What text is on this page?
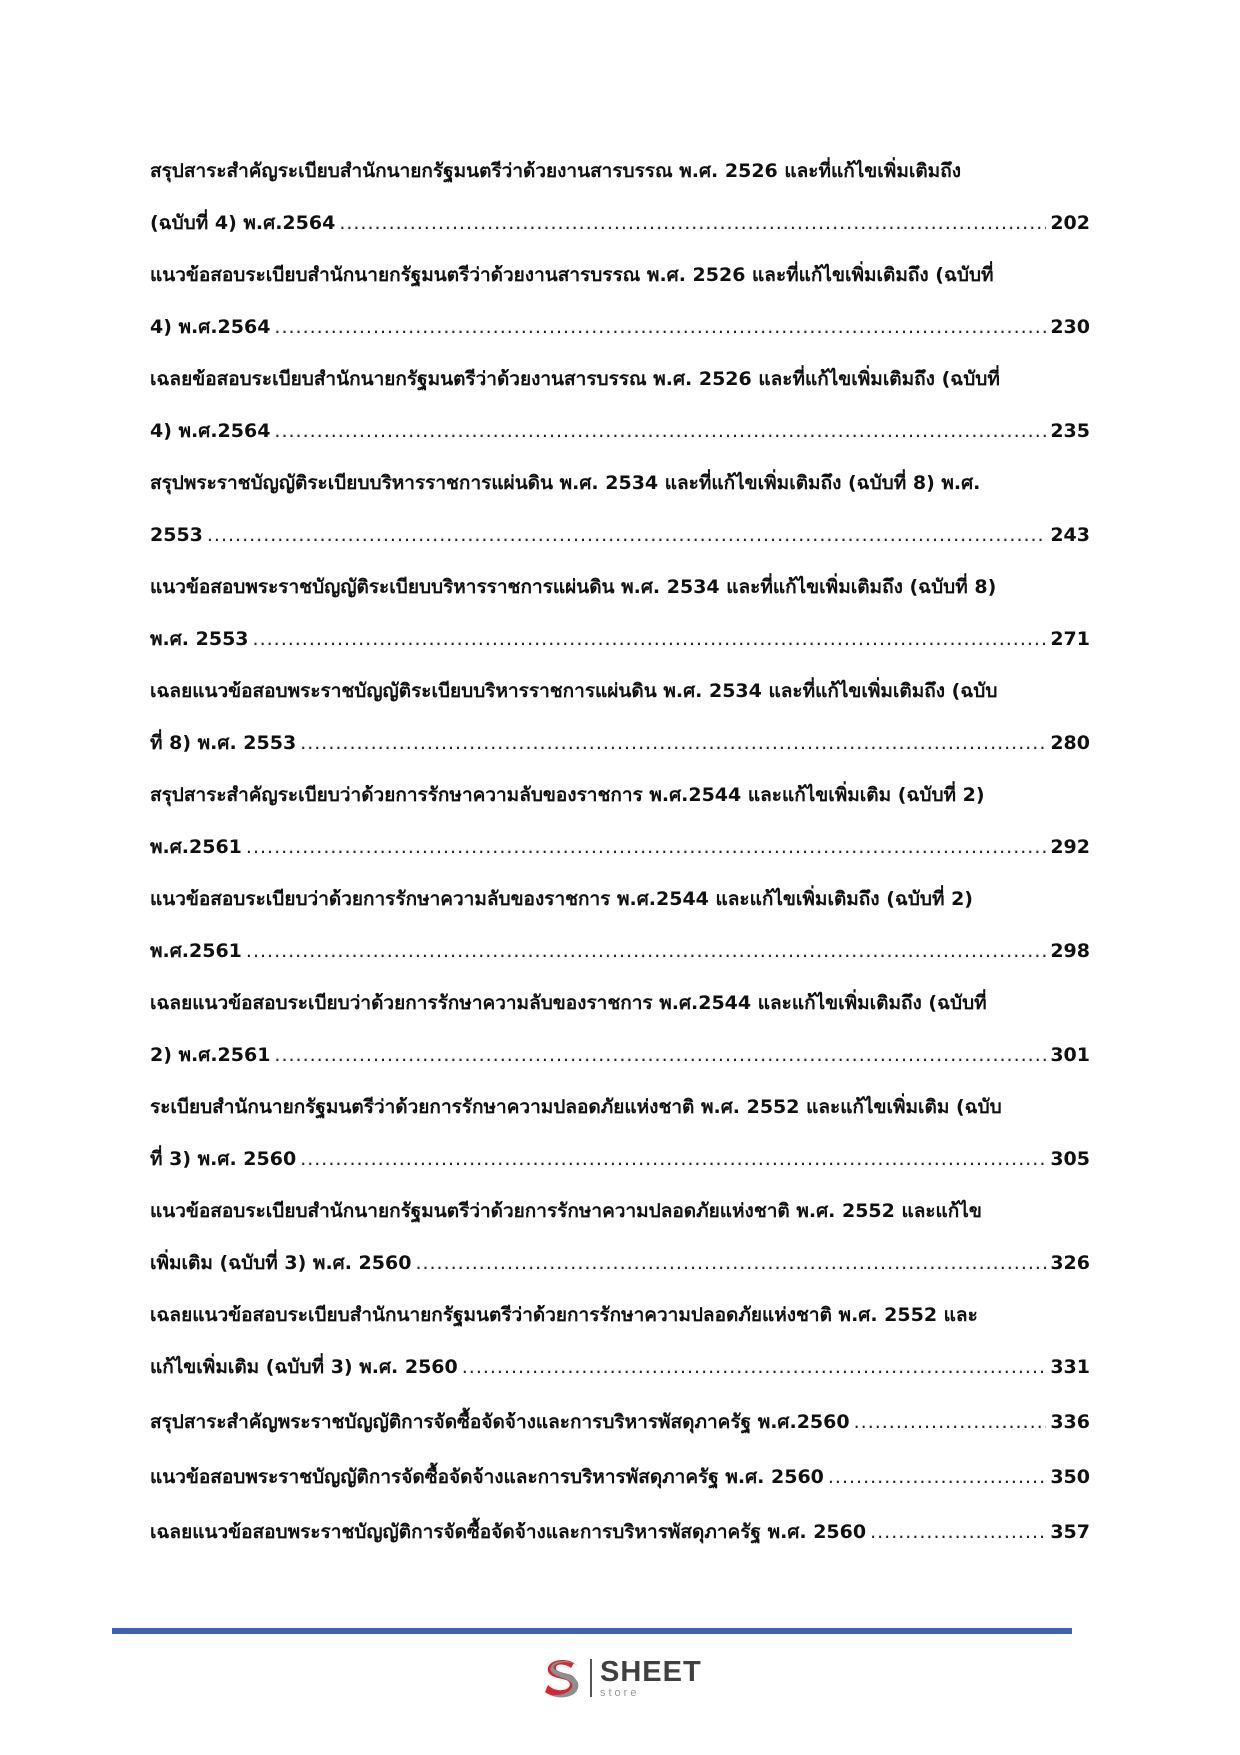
สรุปสาระสำคัญระเบียบสำนักนายกรัฐมนตรีว่าด้วยงานสารบรรณ พ.ศ. 2526 และที่แก้ไขเพิ่มเติมถึง
(ฉบับที่ 4) พ.ศ.2564 .....	202
แนวข้อสอบระเบียบสำนักนายกรัฐมนตรีว่าด้วยงานสารบรรณ พ.ศ. 2526 และที่แก้ไขเพิ่มเติมถึง (ฉบับที่
4) พ.ศ.2564 .....	230
เฉลยข้อสอบระเบียบสำนักนายกรัฐมนตรีว่าด้วยงานสารบรรณ พ.ศ. 2526 และที่แก้ไขเพิ่มเติมถึง (ฉบับที่
4) พ.ศ.2564 .....	235
สรุปพระราชบัญญัติระเบียบบริหารราชการแผ่นดิน พ.ศ. 2534 และที่แก้ไขเพิ่มเติมถึง (ฉบับที่ 8) พ.ศ.
2553 .....	243
แนวข้อสอบพระราชบัญญัติระเบียบบริหารราชการแผ่นดิน พ.ศ. 2534 และที่แก้ไขเพิ่มเติมถึง (ฉบับที่ 8)
พ.ศ. 2553 .....	271
เฉลยแนวข้อสอบพระราชบัญญัติระเบียบบริหารราชการแผ่นดิน พ.ศ. 2534 และที่แก้ไขเพิ่มเติมถึง (ฉบับ
ที่ 8) พ.ศ. 2553 .....	280
สรุปสาระสำคัญระเบียบว่าด้วยการรักษาความลับของราชการ พ.ศ.2544 และแก้ไขเพิ่มเติม (ฉบับที่ 2)
พ.ศ.2561 .....	292
แนวข้อสอบระเบียบว่าด้วยการรักษาความลับของราชการ พ.ศ.2544 และแก้ไขเพิ่มเติมถึง (ฉบับที่ 2)
พ.ศ.2561 .....	298
เฉลยแนวข้อสอบระเบียบว่าด้วยการรักษาความลับของราชการ พ.ศ.2544 และแก้ไขเพิ่มเติมถึง (ฉบับที่
2) พ.ศ.2561 .....	301
ระเบียบสำนักนายกรัฐมนตรีว่าด้วยการรักษาความปลอดภัยแห่งชาติ พ.ศ. 2552 และแก้ไขเพิ่มเติม (ฉบับ
ที่ 3) พ.ศ. 2560 .....	305
แนวข้อสอบระเบียบสำนักนายกรัฐมนตรีว่าด้วยการรักษาความปลอดภัยแห่งชาติ พ.ศ. 2552 และแก้ไข
เพิ่มเติม (ฉบับที่ 3) พ.ศ. 2560 .....	326
เฉลยแนวข้อสอบระเบียบสำนักนายกรัฐมนตรีว่าด้วยการรักษาความปลอดภัยแห่งชาติ พ.ศ. 2552 และ
แก้ไขเพิ่มเติม (ฉบับที่ 3) พ.ศ. 2560 .....	331
สรุปสาระสำคัญพระราชบัญญัติการจัดซื้อจัดจ้างและการบริหารพัสดุภาครัฐ พ.ศ.2560 .....	336
แนวข้อสอบพระราชบัญญัติการจัดซื้อจัดจ้างและการบริหารพัสดุภาครัฐ พ.ศ. 2560 .....	350
เฉลยแนวข้อสอบพระราชบัญญัติการจัดซื้อจัดจ้างและการบริหารพัสดุภาครัฐ พ.ศ. 2560 .....	357
SHEET
store
